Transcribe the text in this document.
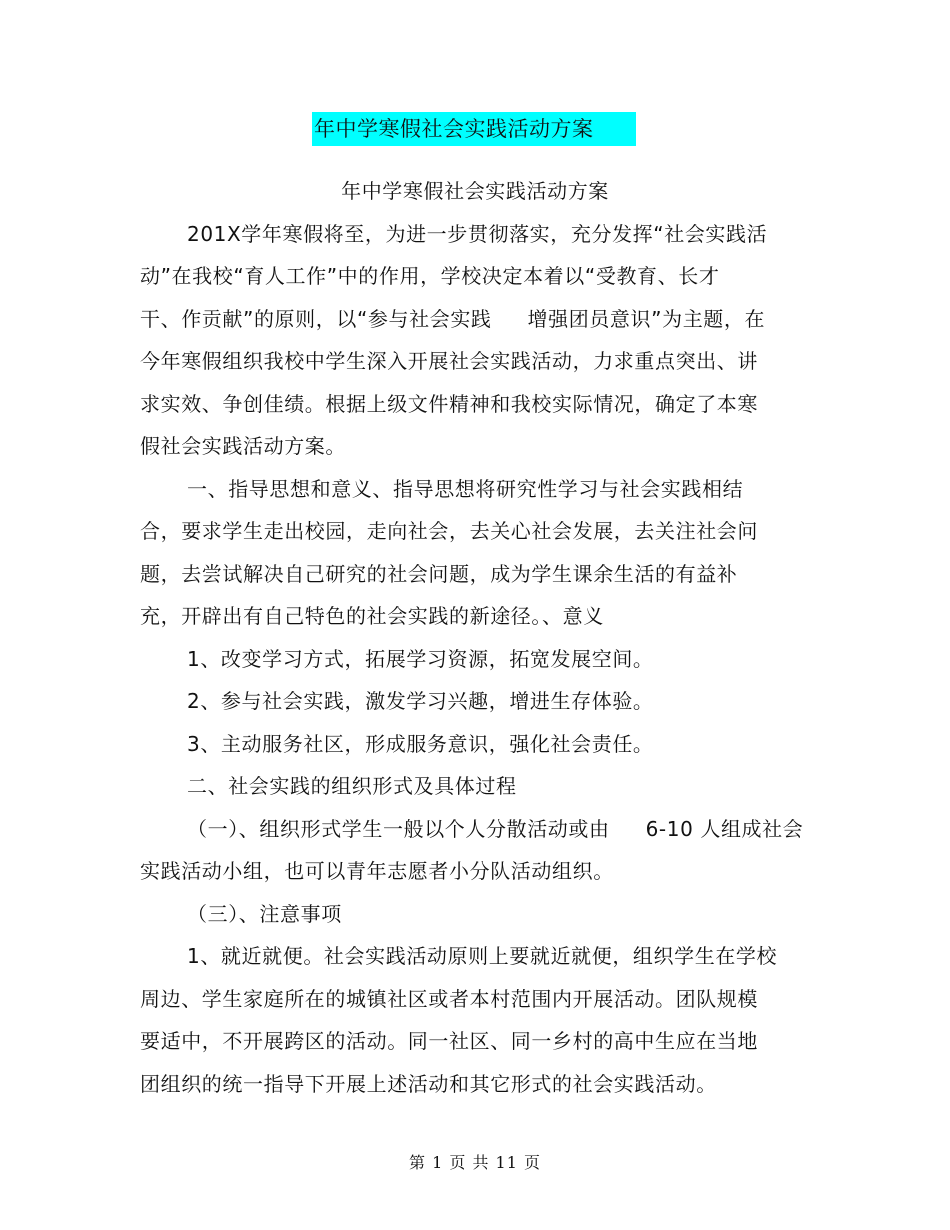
年中学寒假社会实践活动方案
年中学寒假社会实践活动方案
201X学年寒假将至，为进一步贯彻落实，充分发挥“社会实践活
动”在我校“育人工作”中的作用，学校决定本着以“受教育、长才
干、作贡献”的原则，以“参与社会实践 增强团员意识”为主题，在
今年寒假组织我校中学生深入开展社会实践活动，力求重点突出、讲
求实效、争创佳绩。根据上级文件精神和我校实际情况，确定了本寒
假社会实践活动方案。
一、指导思想和意义、指导思想将研究性学习与社会实践相结
合，要求学生走出校园，走向社会，去关心社会发展，去关注社会问
题，去尝试解决自己研究的社会问题，成为学生课余生活的有益补
充，开辟出有自己特色的社会实践的新途径。、意义
1、改变学习方式，拓展学习资源，拓宽发展空间。
2、参与社会实践，激发学习兴趣，增进生存体验。
3、主动服务社区，形成服务意识，强化社会责任。
二、社会实践的组织形式及具体过程
（一）、组织形式学生一般以个人分散活动或由 6-10 人组成社会
实践活动小组，也可以青年志愿者小分队活动组织。
（三）、注意事项
1、就近就便。社会实践活动原则上要就近就便，组织学生在学校
周边、学生家庭所在的城镇社区或者本村范围内开展活动。团队规模
要适中，不开展跨区的活动。同一社区、同一乡村的高中生应在当地
团组织的统一指导下开展上述活动和其它形式的社会实践活动。
第 1 页 共 11 页
